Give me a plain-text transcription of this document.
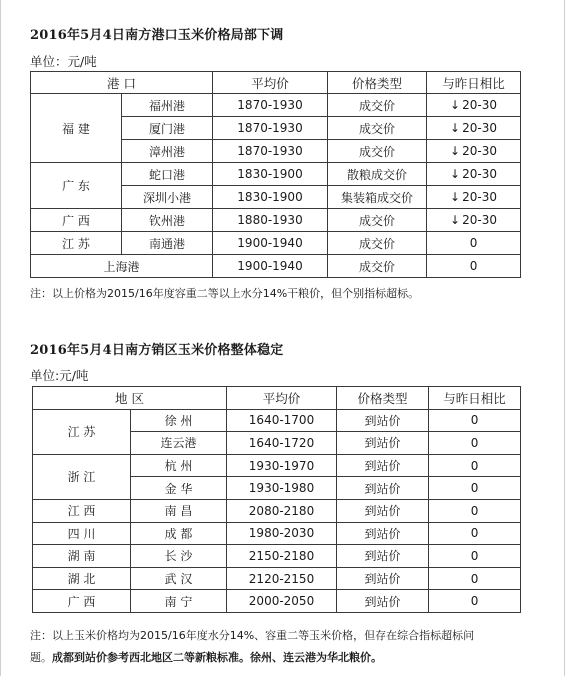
2016年5月4日南方港口玉米价格局部下调
单位：元/吨
港 口		平均价	价格类型	与昨日相比
福 建	福州港	1870-1930	成交价	↓ 20-30
	厦门港	1870-1930	成交价	↓ 20-30
	漳州港	1870-1930	成交价	↓ 20-30
广 东	蛇口港	1830-1900	散粮成交价	↓ 20-30
	深圳小港	1830-1900	集装箱成交价	↓ 20-30
广 西	钦州港	1880-1930	成交价	↓ 20-30
江 苏	南通港	1900-1940	成交价	0
上海港		1900-1940	成交价	0
注：以上价格为2015/16年度容重二等以上水分14%干粮价，但个别指标超标。
2016年5月4日南方销区玉米价格整体稳定
单位:元/吨
地 区		平均价	价格类型	与昨日相比
江 苏	徐 州	1640-1700	到站价	0
	连云港	1640-1720	到站价	0
浙 江	杭 州	1930-1970	到站价	0
	金 华	1930-1980	到站价	0
江 西	南 昌	2080-2180	到站价	0
四 川	成 都	1980-2030	到站价	0
湖 南	长 沙	2150-2180	到站价	0
湖 北	武 汉	2120-2150	到站价	0
广 西	南 宁	2000-2050	到站价	0
注：以上玉米价格均为2015/16年度水分14%、容重二等玉米价格，但存在综合指标超标问
题。成都到站价参考西北地区二等新粮标准。徐州、连云港为华北粮价。
